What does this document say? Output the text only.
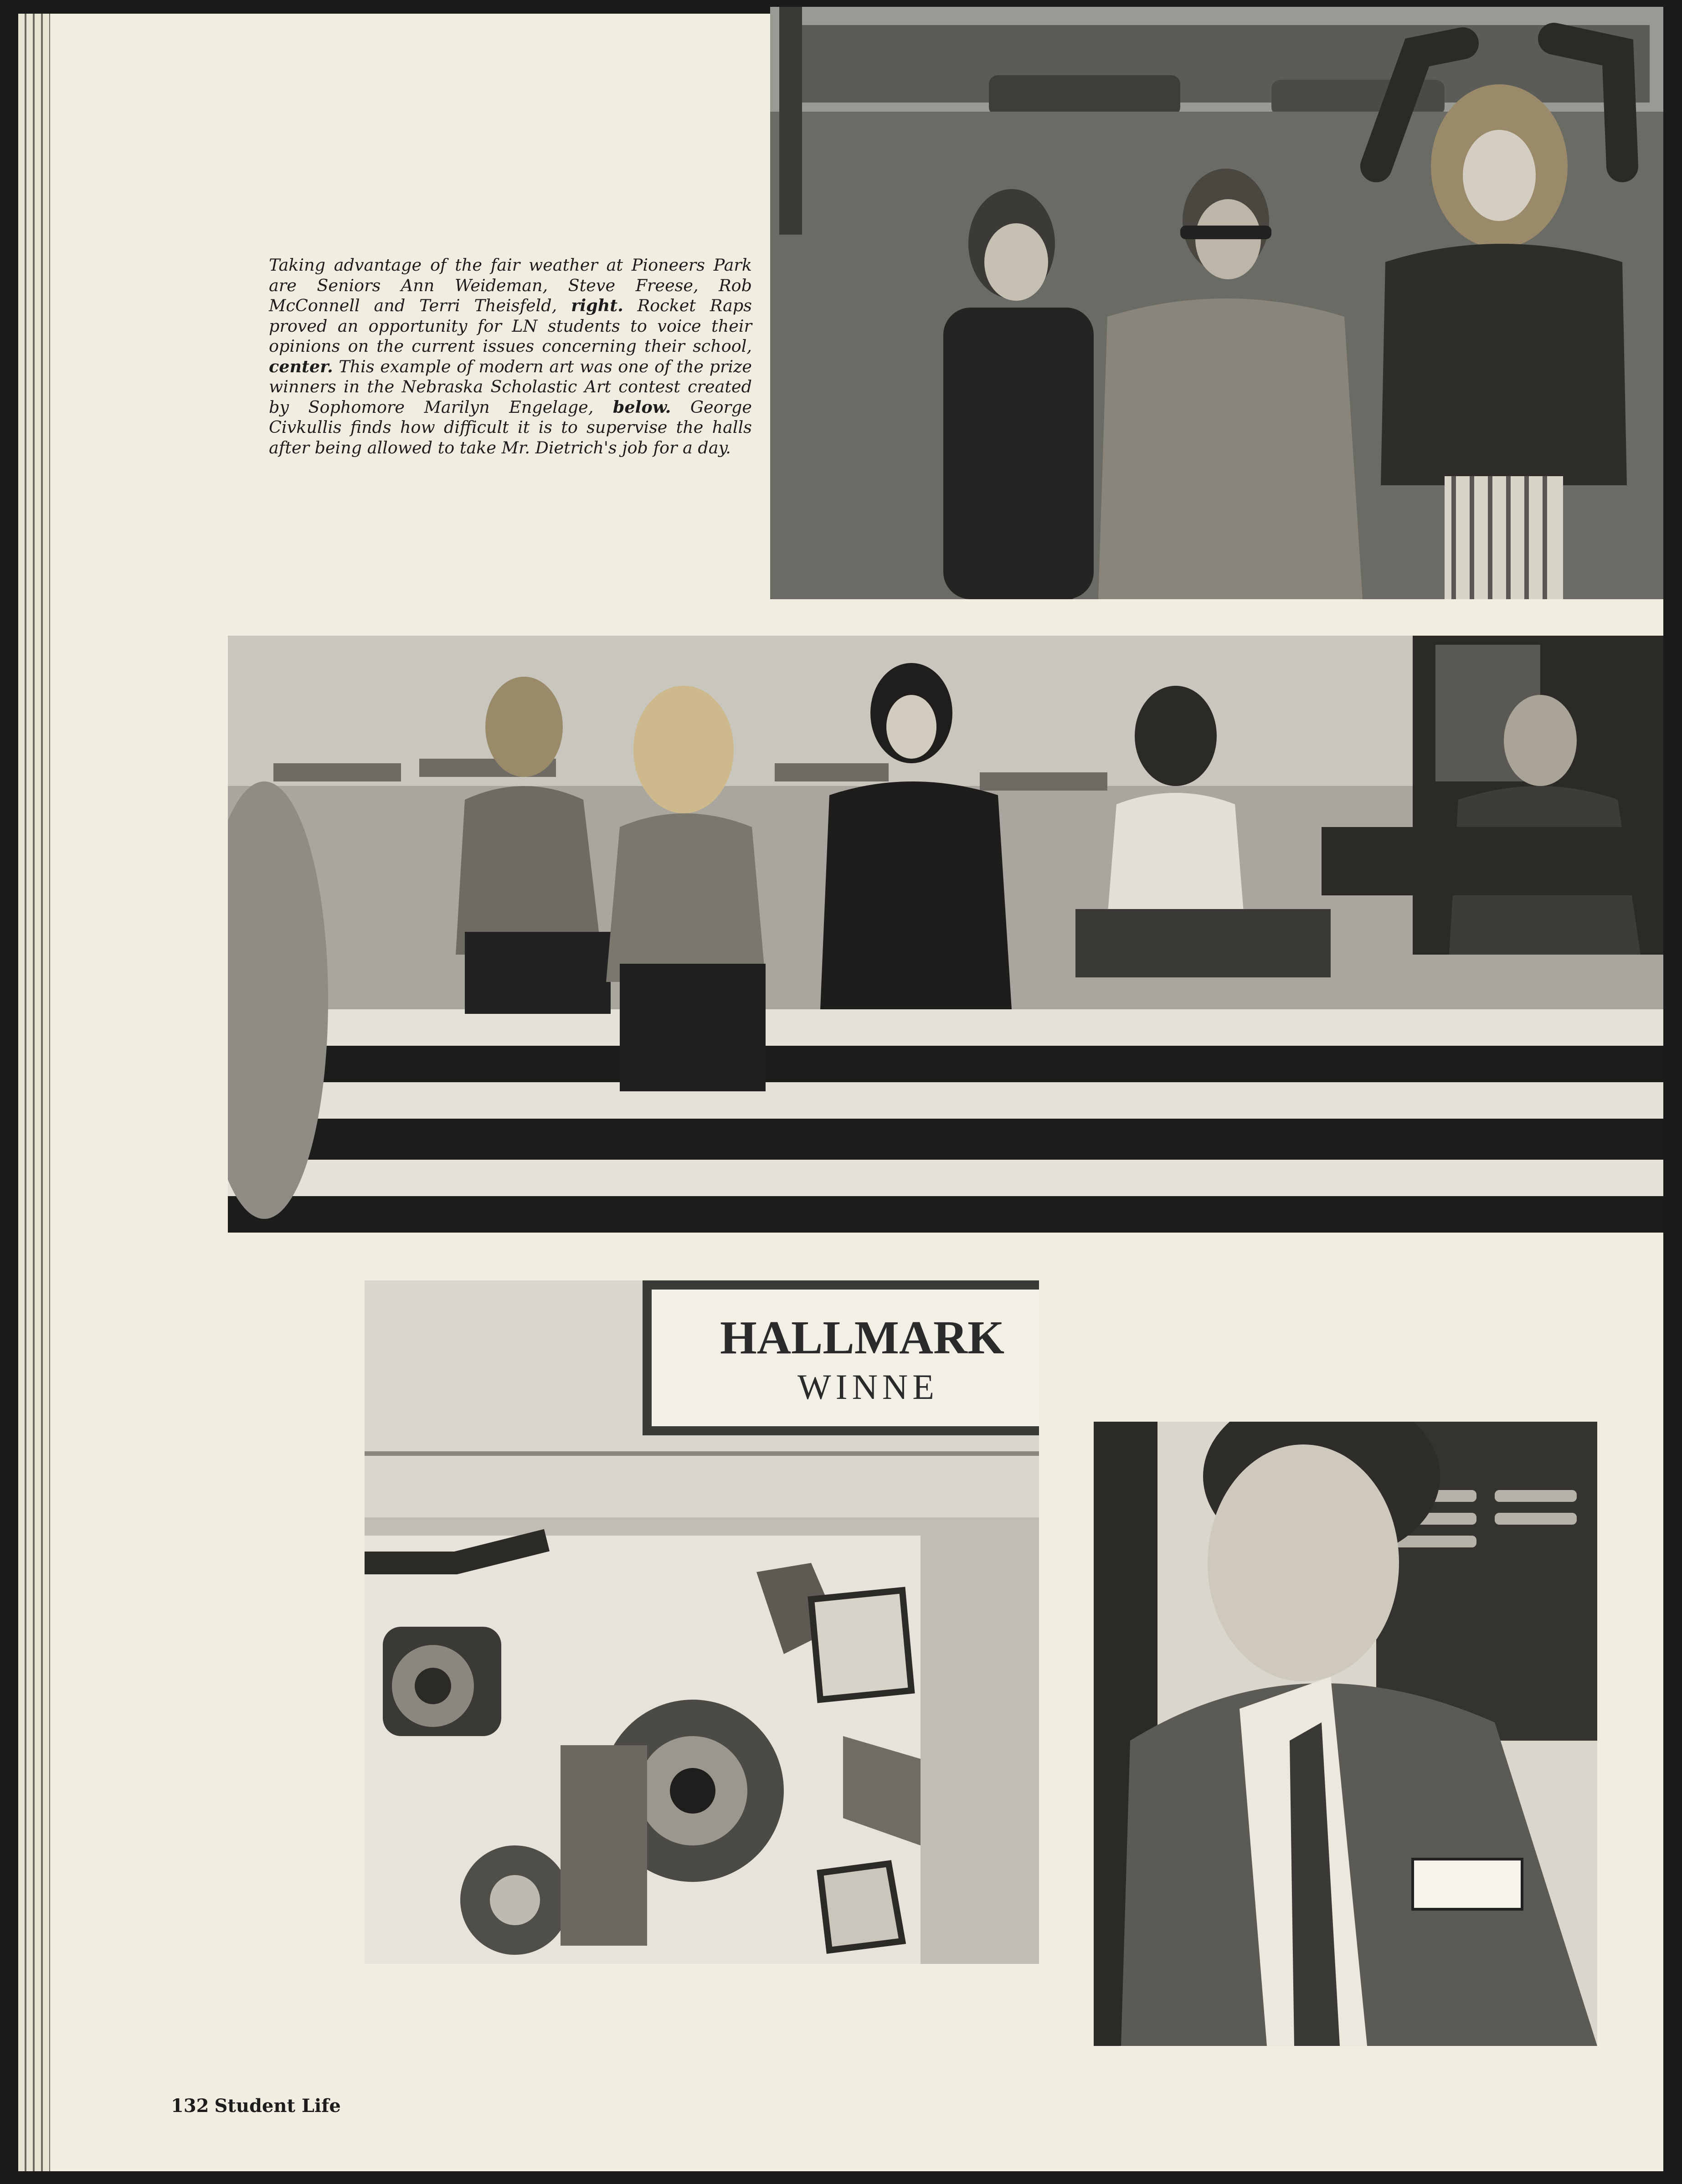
Taking advantage of the fair weather at Pioneers Park are Seniors Ann Weideman, Steve Freese, Rob McConnell and Terri Theisfeld, right. Rocket Raps proved an opportunity for LN students to voice their opinions on the current issues concerning their school, center. This example of modern art was one of the prize winners in the Nebraska Scholastic Art contest created by Sophomore Marilyn Engelage, below. George Civkullis finds how difficult it is to supervise the halls after being allowed to take Mr. Dietrich's job for a day.
HALLMARK
WINNE
132 Student Life
